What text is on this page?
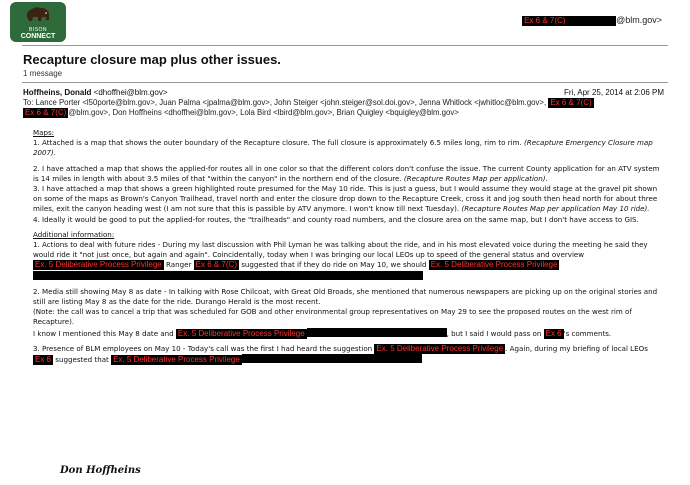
BISON
CONNECT
Ex 6 & 7(C)	@blm.gov>
Recapture closure map plus other issues.
1 message
Hoffheins, Donald <dhoffhei@blm.gov>	Fri, Apr 25, 2014 at 2:06 PM
To: Lance Porter <l50porte@blm.gov>, Juan Palma <jpalma@blm.gov>, John Steiger <john.steiger@sol.doi.gov>, Jenna Whitlock <jwhitloc@blm.gov>, Ex 6 & 7(C)
Ex 6 & 7(C) @blm.gov>, Don Hoffheins <dhoffhei@blm.gov>, Lola Bird <lbird@blm.gov>, Brian Quigley <bquigley@blm.gov>

Maps:

1. Attached is a map that shows the outer boundary of the Recapture closure. The full closure is approximately 6.5 miles long, rim to rim. (Recapture Emergency Closure map 2007).

2. I have attached a map that shows the applied-for routes all in one color so that the different colors don't confuse the issue. The current County application for an ATV system is 14 miles in length with about 3.5 miles of that "within the canyon" in the northern end of the closure. (Recapture Routes Map per application).

3. I have attached a map that shows a green highlighted route presumed for the May 10 ride. This is just a guess, but I would assume they would stage at the gravel pit shown on some of the maps as Brown's Canyon Trailhead, travel north and enter the closure drop down to the Recapture Creek, cross it and jog south then head north for about three miles, exit the canyon heading west (I am not sure that this is passible by ATV anymore. I won't know till next Tuesday). (Recapture Routes Map per application May 10 ride).

4. Ideally it would be good to put the applied-for routes, the "trailheads" and county road numbers, and the closure area on the same map, but I don't have access to GIS.

Additional information:

1. Actions to deal with future rides - During my last discussion with Phil Lyman he was talking about the ride, and in his most elevated voice during the meeting he said they would ride it "not just once, but again and again". Coincidentally, today when I was bringing our local LEOs up to speed of the general status and overview Ex. 5 Deliberative Process Privilege Ranger Ex 6 & 7(C) suggested that if they do ride on May 10, we should Ex. 5 Deliberative Process Privilege

2. Media still showing May 8 as date - In talking with Rose Chilcoat, with Great Old Broads, she mentioned that numerous newspapers are picking up on the original stories and still are listing May 8 as the date for the ride. Durango Herald is the most recent.
(Note: the call was to cancel a trip that was scheduled for GOB and other environmental group representatives on May 29 to see the proposed routes on the west rim of Recapture).
I know I mentioned this May 8 date and Ex. 5 Deliberative Process Privilege	, but I said I would pass on Ex 6 's comments.

3. Presence of BLM employees on May 10 - Today's call was the first I had heard the suggestion Ex. 5 Deliberative Process Privilege . Again, during my briefing of local LEOs Ex 6 suggested that Ex. 5 Deliberative Process Privilege

Don Hoffheins
